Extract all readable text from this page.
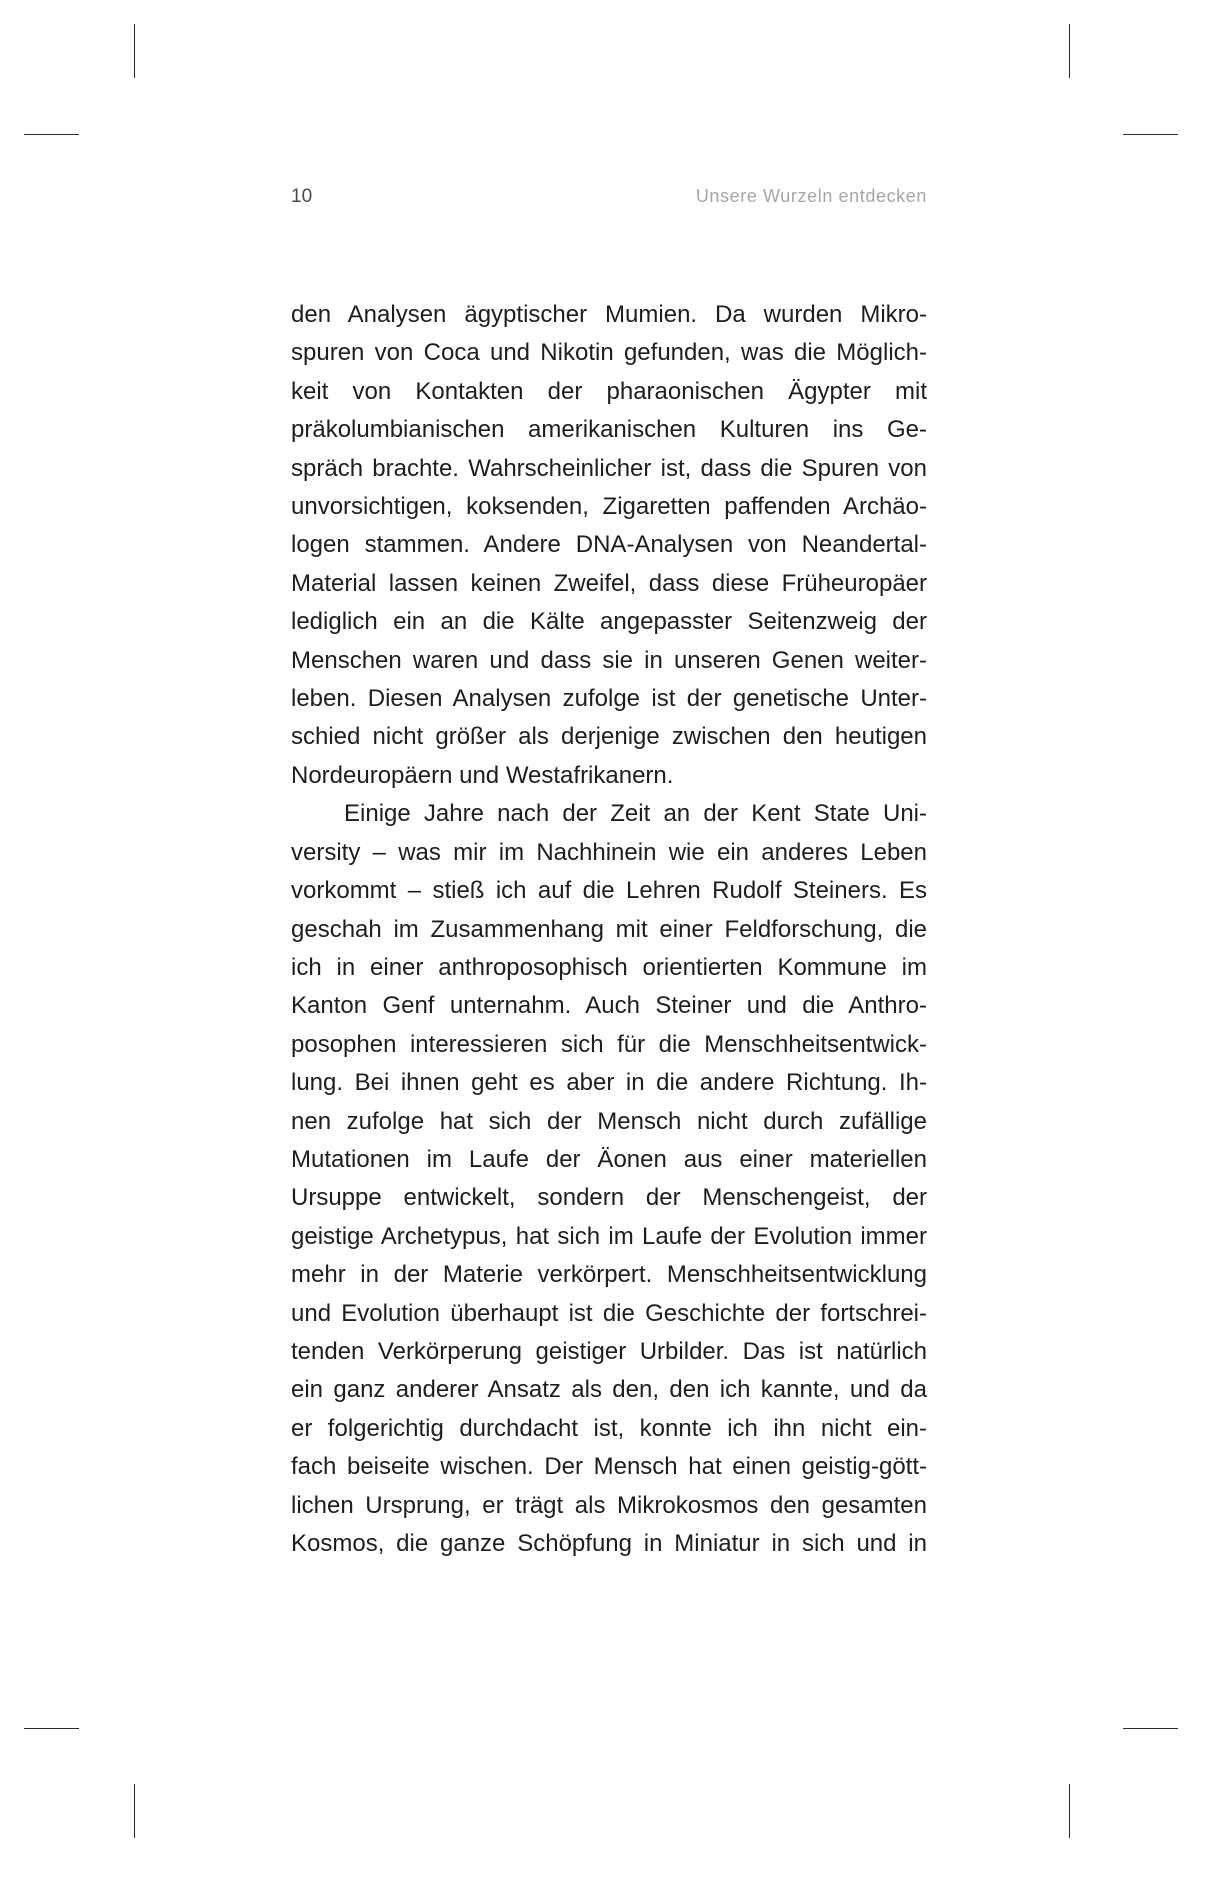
10	Unsere Wurzeln entdecken
den Analysen ägyptischer Mumien. Da wurden Mikro-
spuren von Coca und Nikotin gefunden, was die Möglich-
keit von Kontakten der pharaonischen Ägypter mit
präkolumbianischen amerikanischen Kulturen ins Ge-
spräch brachte. Wahrscheinlicher ist, dass die Spuren von
unvorsichtigen, koksenden, Zigaretten paffenden Archäo-
logen stammen. Andere DNA-Analysen von Neandertal-
Material lassen keinen Zweifel, dass diese Früheuropäer
lediglich ein an die Kälte angepasster Seitenzweig der
Menschen waren und dass sie in unseren Genen weiter-
leben. Diesen Analysen zufolge ist der genetische Unter-
schied nicht größer als derjenige zwischen den heutigen
Nordeuropäern und Westafrikanern.
Einige Jahre nach der Zeit an der Kent State Uni-
versity – was mir im Nachhinein wie ein anderes Leben
vorkommt – stieß ich auf die Lehren Rudolf Steiners. Es
geschah im Zusammenhang mit einer Feldforschung, die
ich in einer anthroposophisch orientierten Kommune im
Kanton Genf unternahm. Auch Steiner und die Anthro-
posophen interessieren sich für die Menschheitsentwick-
lung. Bei ihnen geht es aber in die andere Richtung. Ih-
nen zufolge hat sich der Mensch nicht durch zufällige
Mutationen im Laufe der Äonen aus einer materiellen
Ursuppe entwickelt, sondern der Menschengeist, der
geistige Archetypus, hat sich im Laufe der Evolution immer
mehr in der Materie verkörpert. Menschheitsentwicklung
und Evolution überhaupt ist die Geschichte der fortschrei-
tenden Verkörperung geistiger Urbilder. Das ist natürlich
ein ganz anderer Ansatz als den, den ich kannte, und da
er folgerichtig durchdacht ist, konnte ich ihn nicht ein-
fach beiseite wischen. Der Mensch hat einen geistig-gött-
lichen Ursprung, er trägt als Mikrokosmos den gesamten
Kosmos, die ganze Schöpfung in Miniatur in sich und in
